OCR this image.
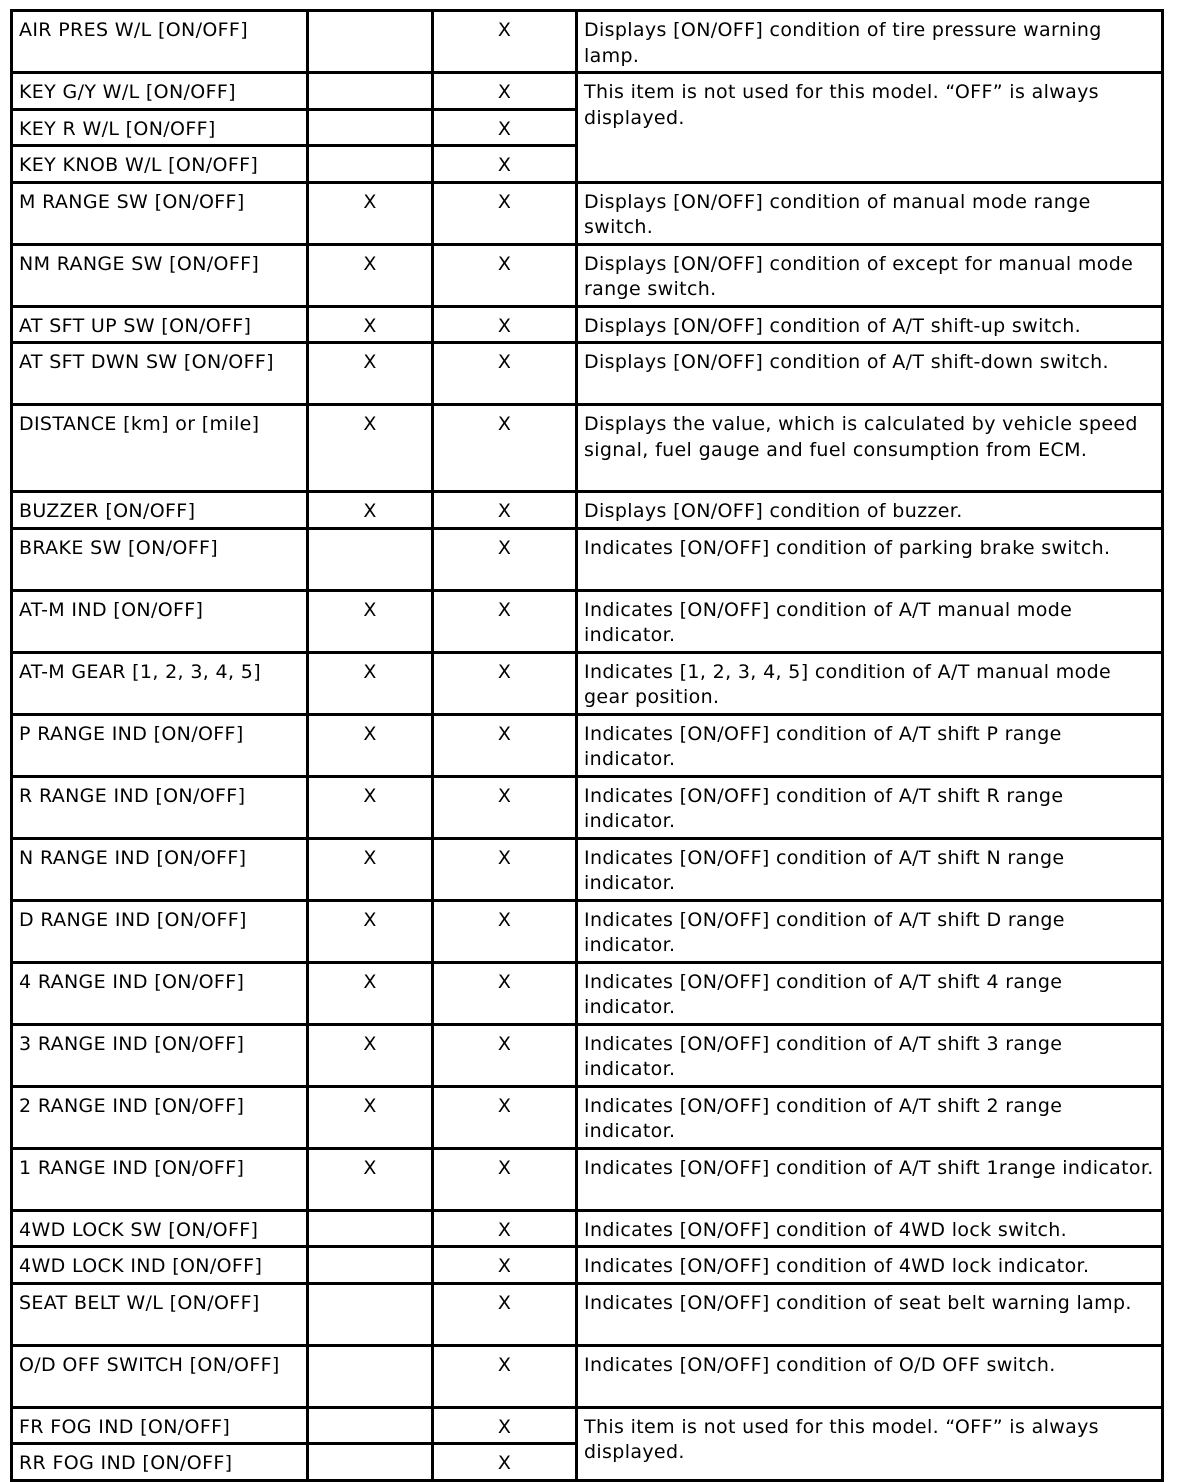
AIR PRES W/L [ON/OFF]		X	Displays [ON/OFF] condition of tire pressure warning lamp.
KEY G/Y W/L [ON/OFF]		X	This item is not used for this model. “OFF” is always displayed.
KEY R W/L [ON/OFF]		X	
KEY KNOB W/L [ON/OFF]		X	
M RANGE SW [ON/OFF]	X	X	Displays [ON/OFF] condition of manual mode range switch.
NM RANGE SW [ON/OFF]	X	X	Displays [ON/OFF] condition of except for manual mode range switch.
AT SFT UP SW [ON/OFF]	X	X	Displays [ON/OFF] condition of A/T shift-up switch.
AT SFT DWN SW [ON/OFF]	X	X	Displays [ON/OFF] condition of A/T shift-down switch.
DISTANCE [km] or [mile]	X	X	Displays the value, which is calculated by vehicle speed signal, fuel gauge and fuel consumption from ECM.
BUZZER [ON/OFF]	X	X	Displays [ON/OFF] condition of buzzer.
BRAKE SW [ON/OFF]		X	Indicates [ON/OFF] condition of parking brake switch.
AT-M IND [ON/OFF]	X	X	Indicates [ON/OFF] condition of A/T manual mode indicator.
AT-M GEAR [1, 2, 3, 4, 5]	X	X	Indicates [1, 2, 3, 4, 5] condition of A/T manual mode gear position.
P RANGE IND [ON/OFF]	X	X	Indicates [ON/OFF] condition of A/T shift P range indicator.
R RANGE IND [ON/OFF]	X	X	Indicates [ON/OFF] condition of A/T shift R range indicator.
N RANGE IND [ON/OFF]	X	X	Indicates [ON/OFF] condition of A/T shift N range indicator.
D RANGE IND [ON/OFF]	X	X	Indicates [ON/OFF] condition of A/T shift D range indicator.
4 RANGE IND [ON/OFF]	X	X	Indicates [ON/OFF] condition of A/T shift 4 range indicator.
3 RANGE IND [ON/OFF]	X	X	Indicates [ON/OFF] condition of A/T shift 3 range indicator.
2 RANGE IND [ON/OFF]	X	X	Indicates [ON/OFF] condition of A/T shift 2 range indicator.
1 RANGE IND [ON/OFF]	X	X	Indicates [ON/OFF] condition of A/T shift 1range indicator.
4WD LOCK SW [ON/OFF]		X	Indicates [ON/OFF] condition of 4WD lock switch.
4WD LOCK IND [ON/OFF]		X	Indicates [ON/OFF] condition of 4WD lock indicator.
SEAT BELT W/L [ON/OFF]		X	Indicates [ON/OFF] condition of seat belt warning lamp.
O/D OFF SWITCH [ON/OFF]		X	Indicates [ON/OFF] condition of O/D OFF switch.
FR FOG IND [ON/OFF]		X	This item is not used for this model. “OFF” is always displayed.
RR FOG IND [ON/OFF]		X	
